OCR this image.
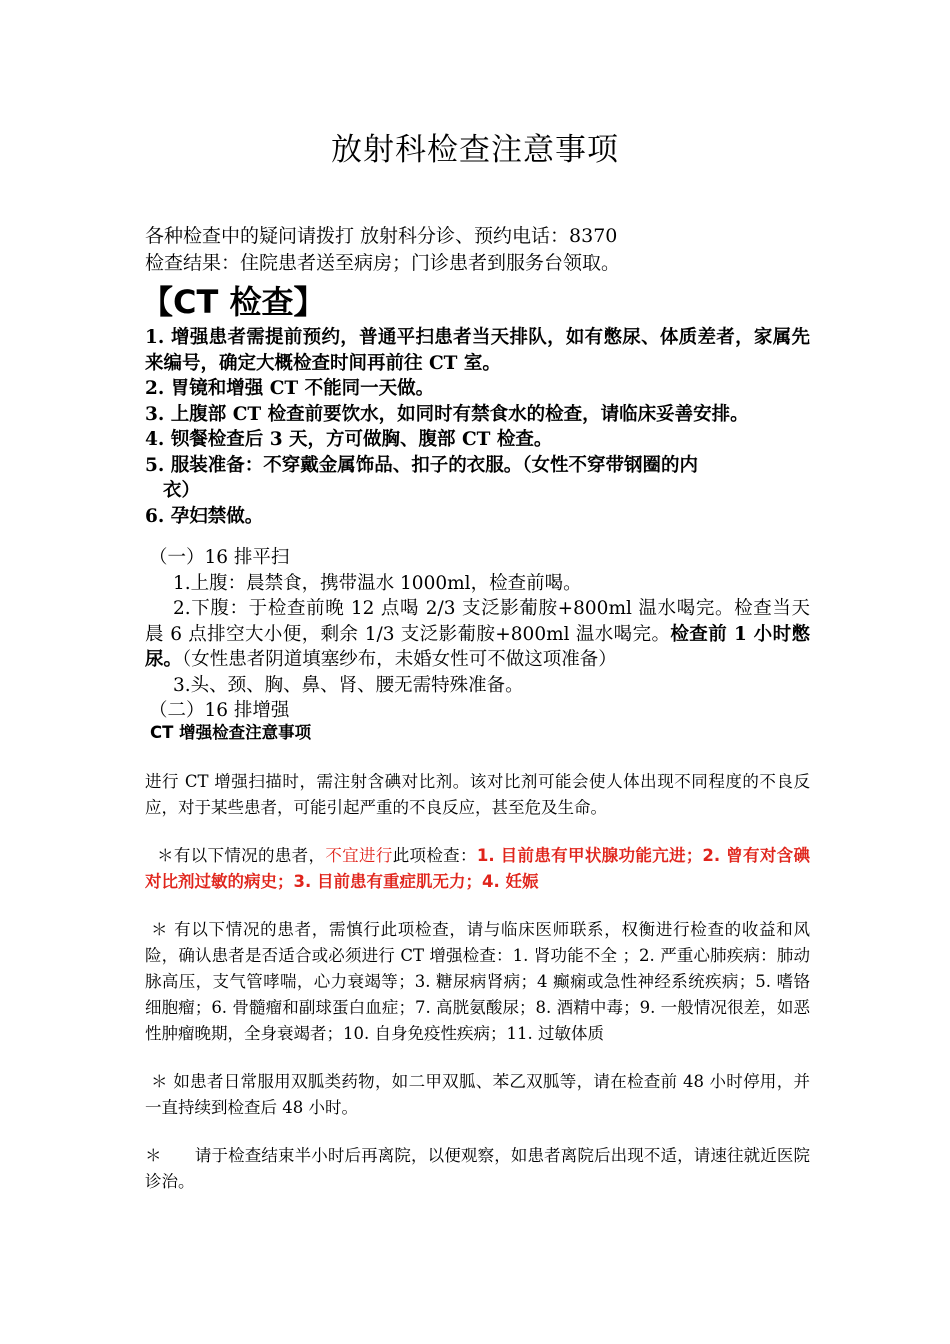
放射科检查注意事项
各种检查中的疑问请拨打 放射科分诊、预约电话：8370
检查结果：住院患者送至病房；门诊患者到服务台领取。
【CT 检查】
1. 增强患者需提前预约，普通平扫患者当天排队，如有憋尿、体质差者，家属先来编号，确定大概检查时间再前往 CT 室。
2. 胃镜和增强 CT 不能同一天做。
3. 上腹部 CT 检查前要饮水，如同时有禁食水的检查，请临床妥善安排。
4. 钡餐检查后 3 天，方可做胸、腹部 CT 检查。
5. 服装准备：不穿戴金属饰品、扣子的衣服。（女性不穿带钢圈的内
衣）
6. 孕妇禁做。
（一）16 排平扫
1.上腹：晨禁食，携带温水 1000ml，检查前喝。
2.下腹：于检查前晚 12 点喝 2/3 支泛影葡胺+800ml 温水喝完。检查当天晨 6 点排空大小便，剩余 1/3 支泛影葡胺+800ml 温水喝完。检查前 1 小时憋尿。（女性患者阴道填塞纱布，未婚女性可不做这项准备）
3.头、颈、胸、鼻、肾、腰无需特殊准备。
（二）16 排增强
CT 增强检查注意事项

进行 CT 增强扫描时，需注射含碘对比剂。该对比剂可能会使人体出现不同程度的不良反应，对于某些患者，可能引起严重的不良反应，甚至危及生命。

＊有以下情况的患者，不宜进行此项检查：1. 目前患有甲状腺功能亢进；2. 曾有对含碘对比剂过敏的病史；3. 目前患有重症肌无力；4. 妊娠

＊ 有以下情况的患者，需慎行此项检查，请与临床医师联系，权衡进行检查的收益和风险，确认患者是否适合或必须进行 CT 增强检查：1. 肾功能不全 ；2. 严重心肺疾病：肺动脉高压，支气管哮喘，心力衰竭等；3. 糖尿病肾病；4 癫痫或急性神经系统疾病；5. 嗜铬细胞瘤；6. 骨髓瘤和副球蛋白血症；7. 高胱氨酸尿；8. 酒精中毒；9. 一般情况很差，如恶性肿瘤晚期，全身衰竭者；10. 自身免疫性疾病；11. 过敏体质

＊ 如患者日常服用双胍类药物，如二甲双胍、苯乙双胍等，请在检查前 48 小时停用，并一直持续到检查后 48 小时。

＊　　请于检查结束半小时后再离院，以便观察，如患者离院后出现不适，请速往就近医院诊治。
